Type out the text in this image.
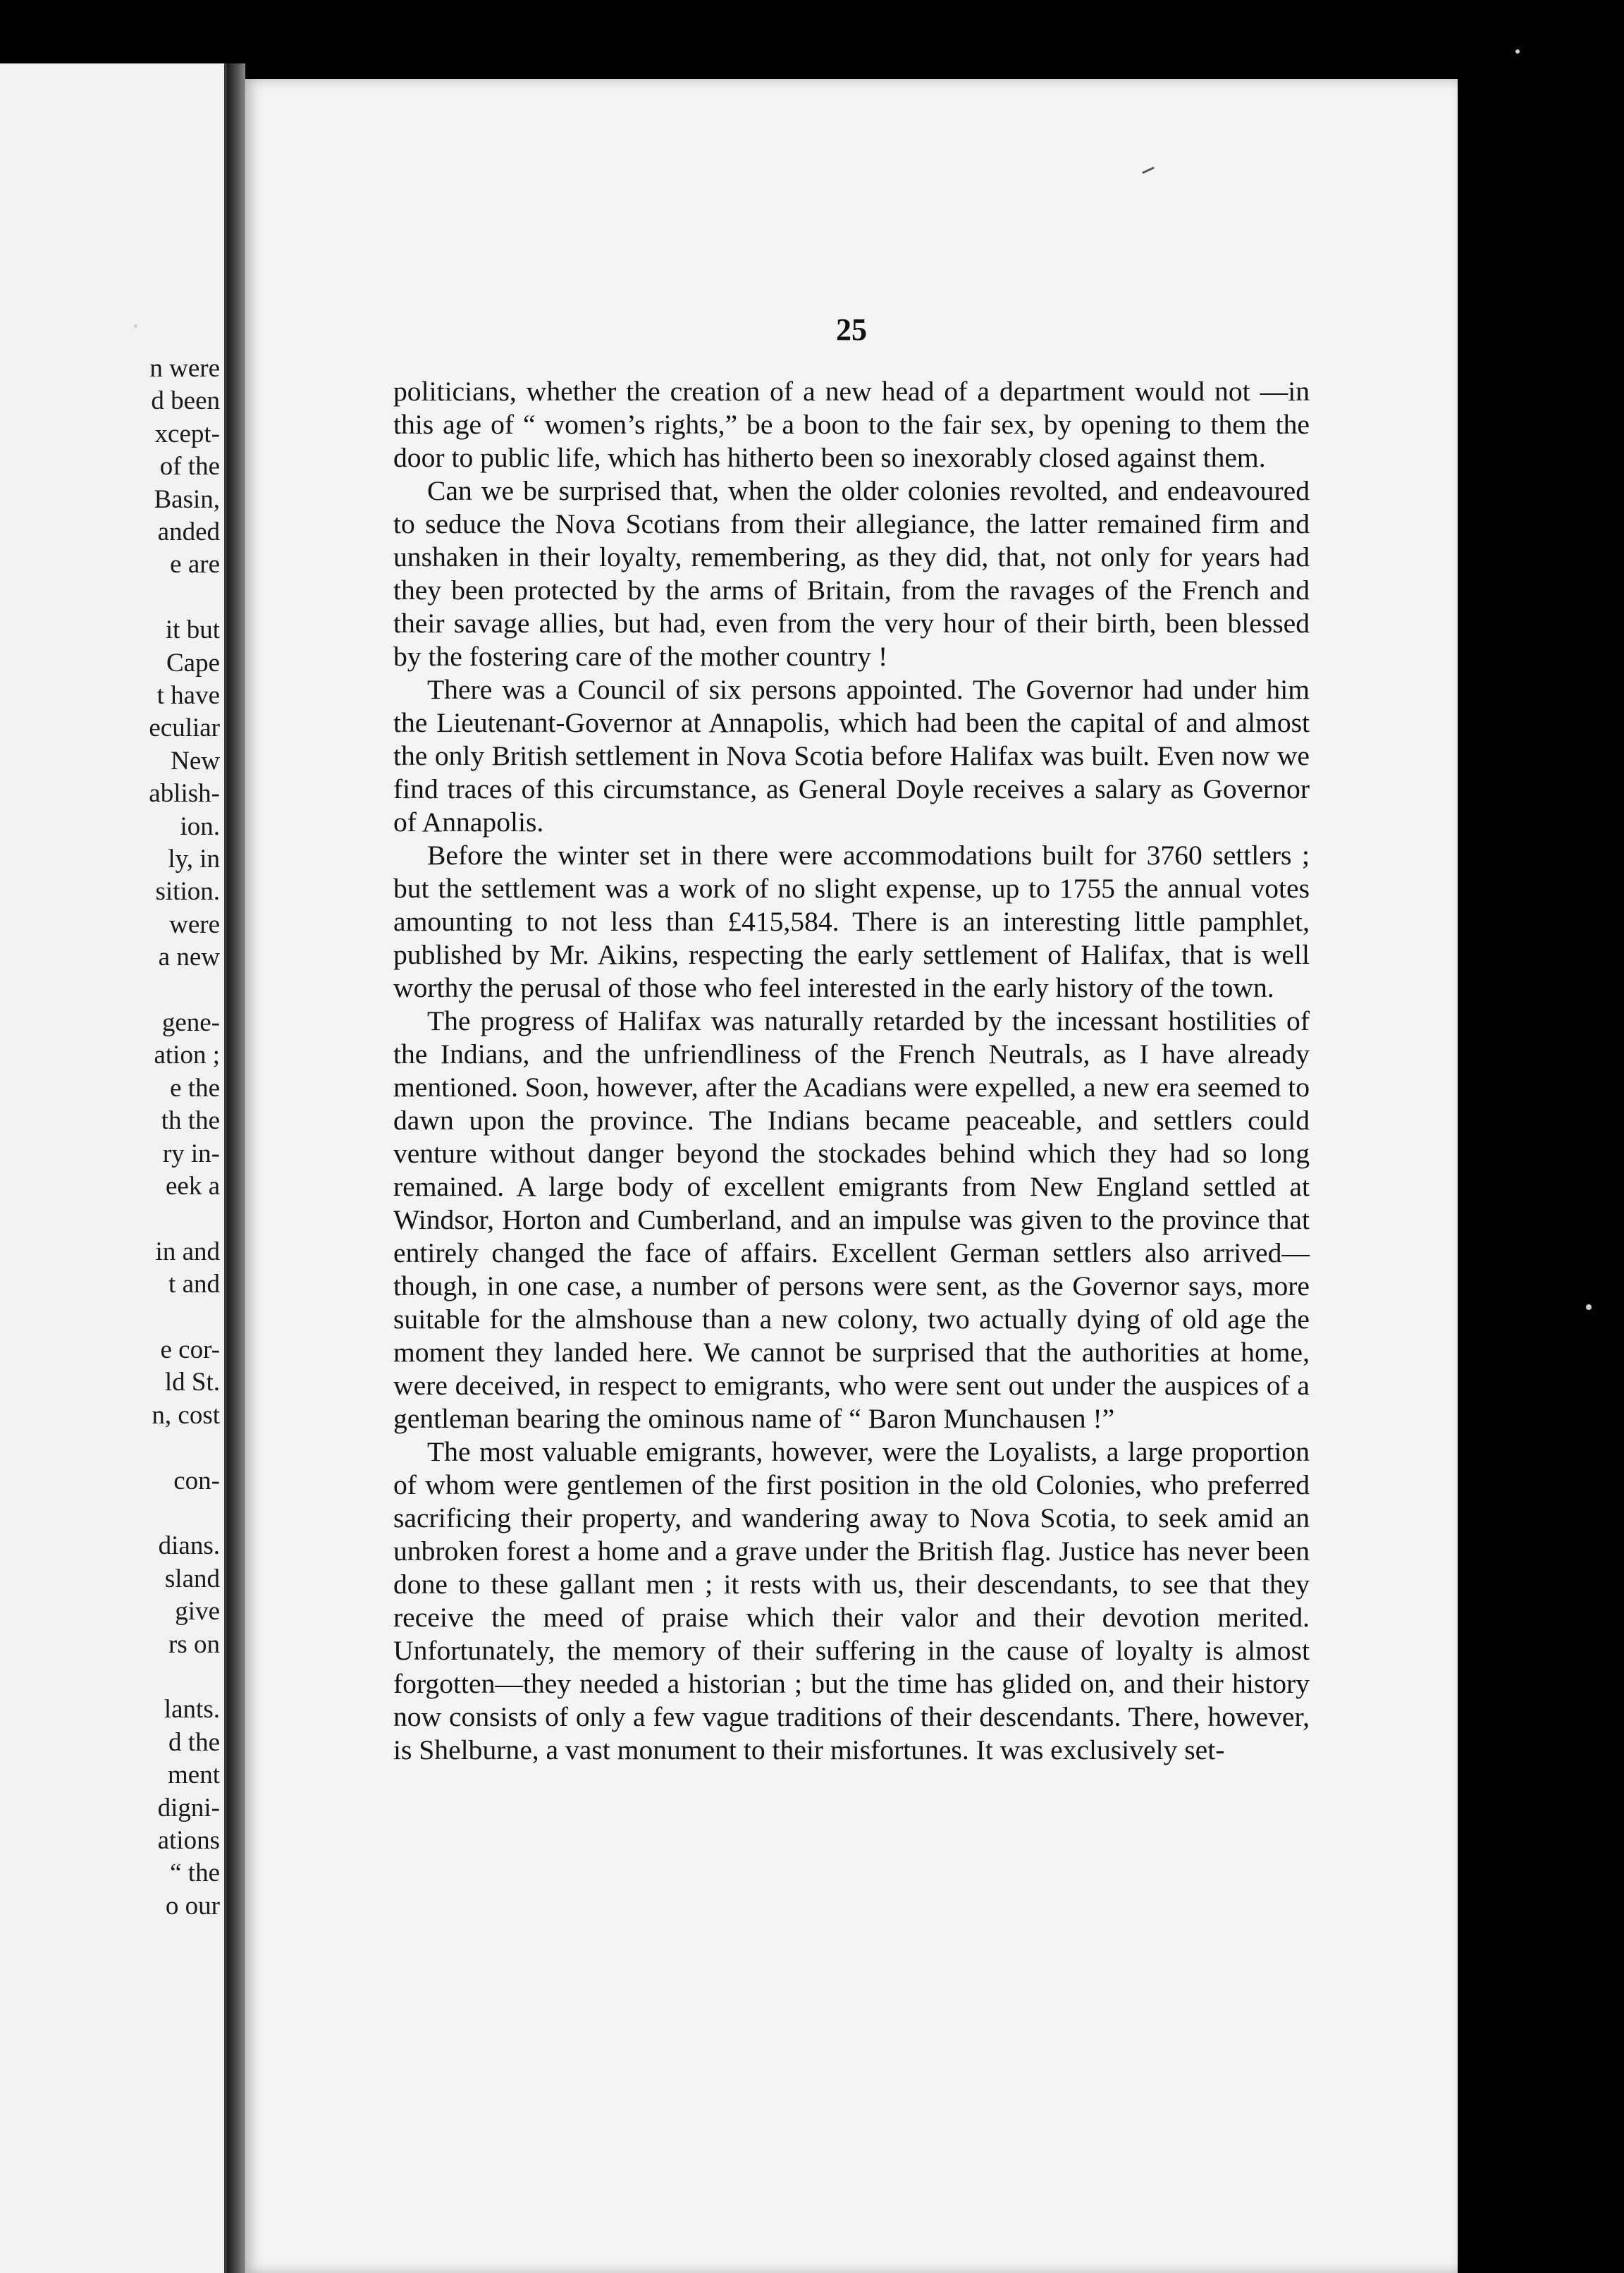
n were
d been
xcept-
of the
Basin,
anded
e are
it but
Cape
t have
eculiar
New
ablish-
ion.
ly, in
sition.
were
a new
gene-
ation ;
e the
th the
ry in-
eek a
in and
t and
e cor-
ld St.
n, cost
con-
dians.
sland
give
rs on
lants.
d the
ment
digni-
ations
“ the
o our
25

politicians, whether the creation of a new head of a department would not —in this age of “ women’s rights,” be a boon to the fair sex, by opening to them the door to public life, which has hitherto been so inexorably closed against them.

Can we be surprised that, when the older colonies revolted, and endeavoured to seduce the Nova Scotians from their allegiance, the latter remained firm and unshaken in their loyalty, remembering, as they did, that, not only for years had they been protected by the arms of Britain, from the ravages of the French and their savage allies, but had, even from the very hour of their birth, been blessed by the fostering care of the mother country !

There was a Council of six persons appointed. The Governor had under him the Lieutenant-Governor at Annapolis, which had been the capital of and almost the only British settlement in Nova Scotia before Halifax was built. Even now we find traces of this circumstance, as General Doyle receives a salary as Governor of Annapolis.

Before the winter set in there were accommodations built for 3760 settlers ; but the settlement was a work of no slight expense, up to 1755 the annual votes amounting to not less than £415,584. There is an interesting little pamphlet, published by Mr. Aikins, respecting the early settlement of Halifax, that is well worthy the perusal of those who feel interested in the early history of the town.

The progress of Halifax was naturally retarded by the incessant hostilities of the Indians, and the unfriendliness of the French Neutrals, as I have already mentioned. Soon, however, after the Acadians were expelled, a new era seemed to dawn upon the province. The Indians became peaceable, and settlers could venture without danger beyond the stockades behind which they had so long remained. A large body of excellent emigrants from New England settled at Windsor, Horton and Cumberland, and an impulse was given to the province that entirely changed the face of affairs. Excellent German settlers also arrived—though, in one case, a number of persons were sent, as the Governor says, more suitable for the almshouse than a new colony, two actually dying of old age the moment they landed here. We cannot be surprised that the authorities at home, were deceived, in respect to emigrants, who were sent out under the auspices of a gentleman bearing the ominous name of “ Baron Munchausen !”

The most valuable emigrants, however, were the Loyalists, a large proportion of whom were gentlemen of the first position in the old Colonies, who preferred sacrificing their property, and wandering away to Nova Scotia, to seek amid an unbroken forest a home and a grave under the British flag. Justice has never been done to these gallant men ; it rests with us, their descendants, to see that they receive the meed of praise which their valor and their devotion merited. Unfortunately, the memory of their suffering in the cause of loyalty is almost forgotten—they needed a historian ; but the time has glided on, and their history now consists of only a few vague traditions of their descendants. There, however, is Shelburne, a vast monument to their misfortunes. It was exclusively set-
